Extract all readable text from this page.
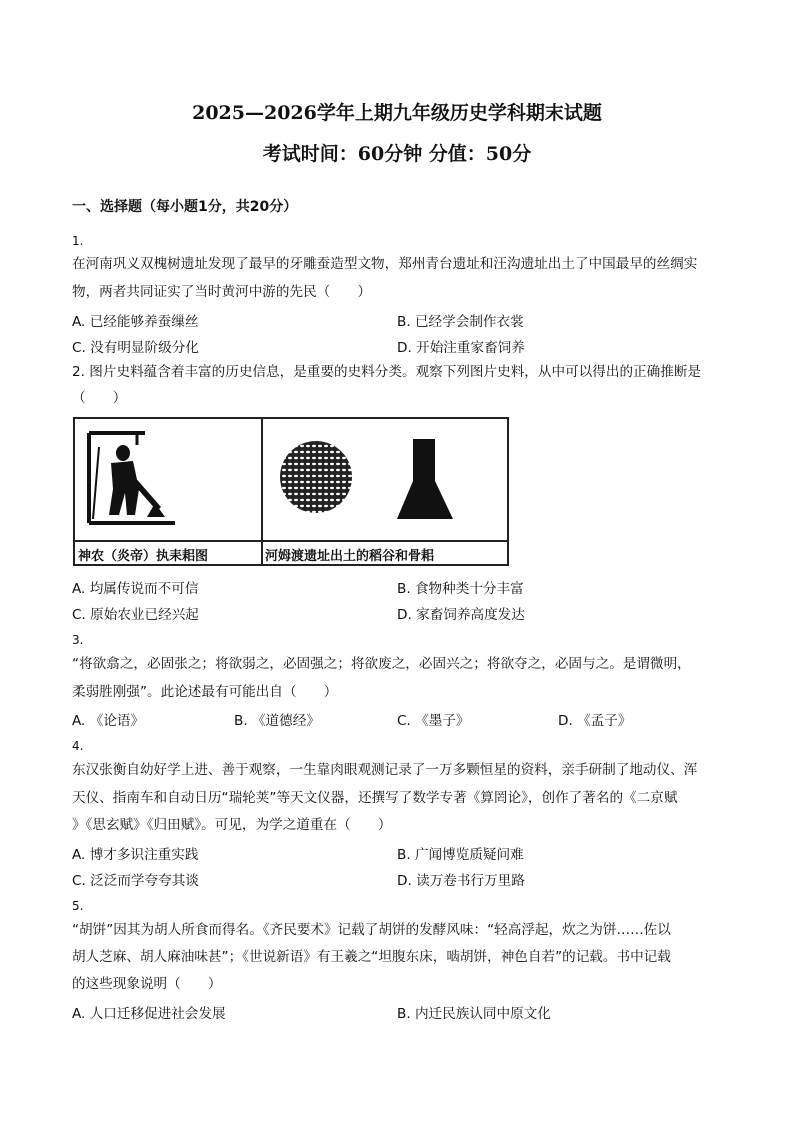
2025—2026学年上期九年级历史学科期末试题
考试时间：60分钟 分值：50分
一、选择题（每小题1分，共20分）
1.
在河南巩义双槐树遗址发现了最早的牙雕蚕造型文物，郑州青台遗址和汪沟遗址出土了中国最早的丝绸实
物，两者共同证实了当时黄河中游的先民（　　）
A. 已经能够养蚕缫丝	B. 已经学会制作衣裳
C. 没有明显阶级分化	D. 开始注重家畜饲养
2. 图片史料蕴含着丰富的历史信息，是重要的史料分类。观察下列图片史料，从中可以得出的正确推断是
（　　）
神农（炎帝）执耒耜图	河姆渡遗址出土的稻谷和骨耜
A. 均属传说而不可信	B. 食物种类十分丰富
C. 原始农业已经兴起	D. 家畜饲养高度发达
3.
“将欲翕之，必固张之；将欲弱之，必固强之；将欲废之，必固兴之；将欲夺之，必固与之。是谓微明，
柔弱胜刚强”。此论述最有可能出自（　　）
A. 《论语》	B. 《道德经》	C. 《墨子》	D. 《孟子》
4.
东汉张衡自幼好学上进、善于观察，一生靠肉眼观测记录了一万多颗恒星的资料，亲手研制了地动仪、浑
天仪、指南车和自动日历“瑞轮荚”等天文仪器，还撰写了数学专著《算罔论》，创作了著名的《二京赋
》《思玄赋》《归田赋》。可见，为学之道重在（　　）
A. 博才多识注重实践	B. 广闻博览质疑问难
C. 泛泛而学夸夸其谈	D. 读万卷书行万里路
5.
“胡饼”因其为胡人所食而得名。《齐民要术》记载了胡饼的发酵风味：“轻高浮起，炊之为饼……佐以
胡人芝麻、胡人麻油味甚”；《世说新语》有王羲之“坦腹东床，啮胡饼，神色自若”的记载。书中记载
的这些现象说明（　　）
A. 人口迁移促进社会发展	B. 内迁民族认同中原文化
